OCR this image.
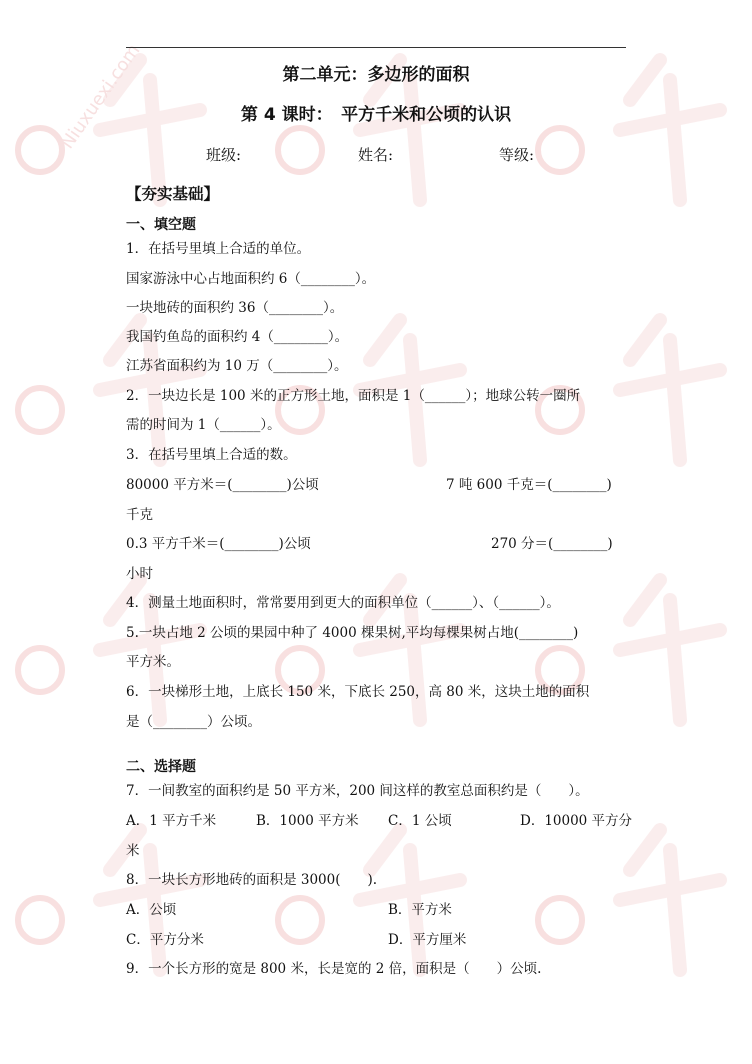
Niuxuexi.com	第二单元：多边形的面积
第 4 课时：　平方千米和公顷的认识
班级:	姓名:	等级:
【夯实基础】
一、填空题
1．在括号里填上合适的单位。
国家游泳中心占地面积约 6（________）。
一块地砖的面积约 36（________）。
我国钓鱼岛的面积约 4（________）。
江苏省面积约为 10 万（________）。
2．一块边长是 100 米的正方形土地，面积是 1（______）；地球公转一圈所
需的时间为 1（______）。
3．在括号里填上合适的数。
80000 平方米＝(________)公顷	7 吨 600 千克＝(________)
千克
0.3 平方千米＝(________)公顷	270 分＝(________)
小时
4．测量土地面积时，常常要用到更大的面积单位（______）、（______）。
5.一块占地 2 公顷的果园中种了 4000 棵果树,平均每棵果树占地(________)
平方米。
6．一块梯形土地，上底长 150 米，下底长 250，高 80 米，这块土地的面积
是（________）公顷。
二、选择题
7．一间教室的面积约是 50 平方米，200 间这样的教室总面积约是（　　）。
A．1 平方千米	B．1000 平方米 C．1 公顷	D．10000 平方分
米
8．一块长方形地砖的面积是 3000(　　).
A．公顷	B．平方米
C．平方分米	D．平方厘米
9．一个长方形的宽是 800 米，长是宽的 2 倍，面积是（　　）公顷.
